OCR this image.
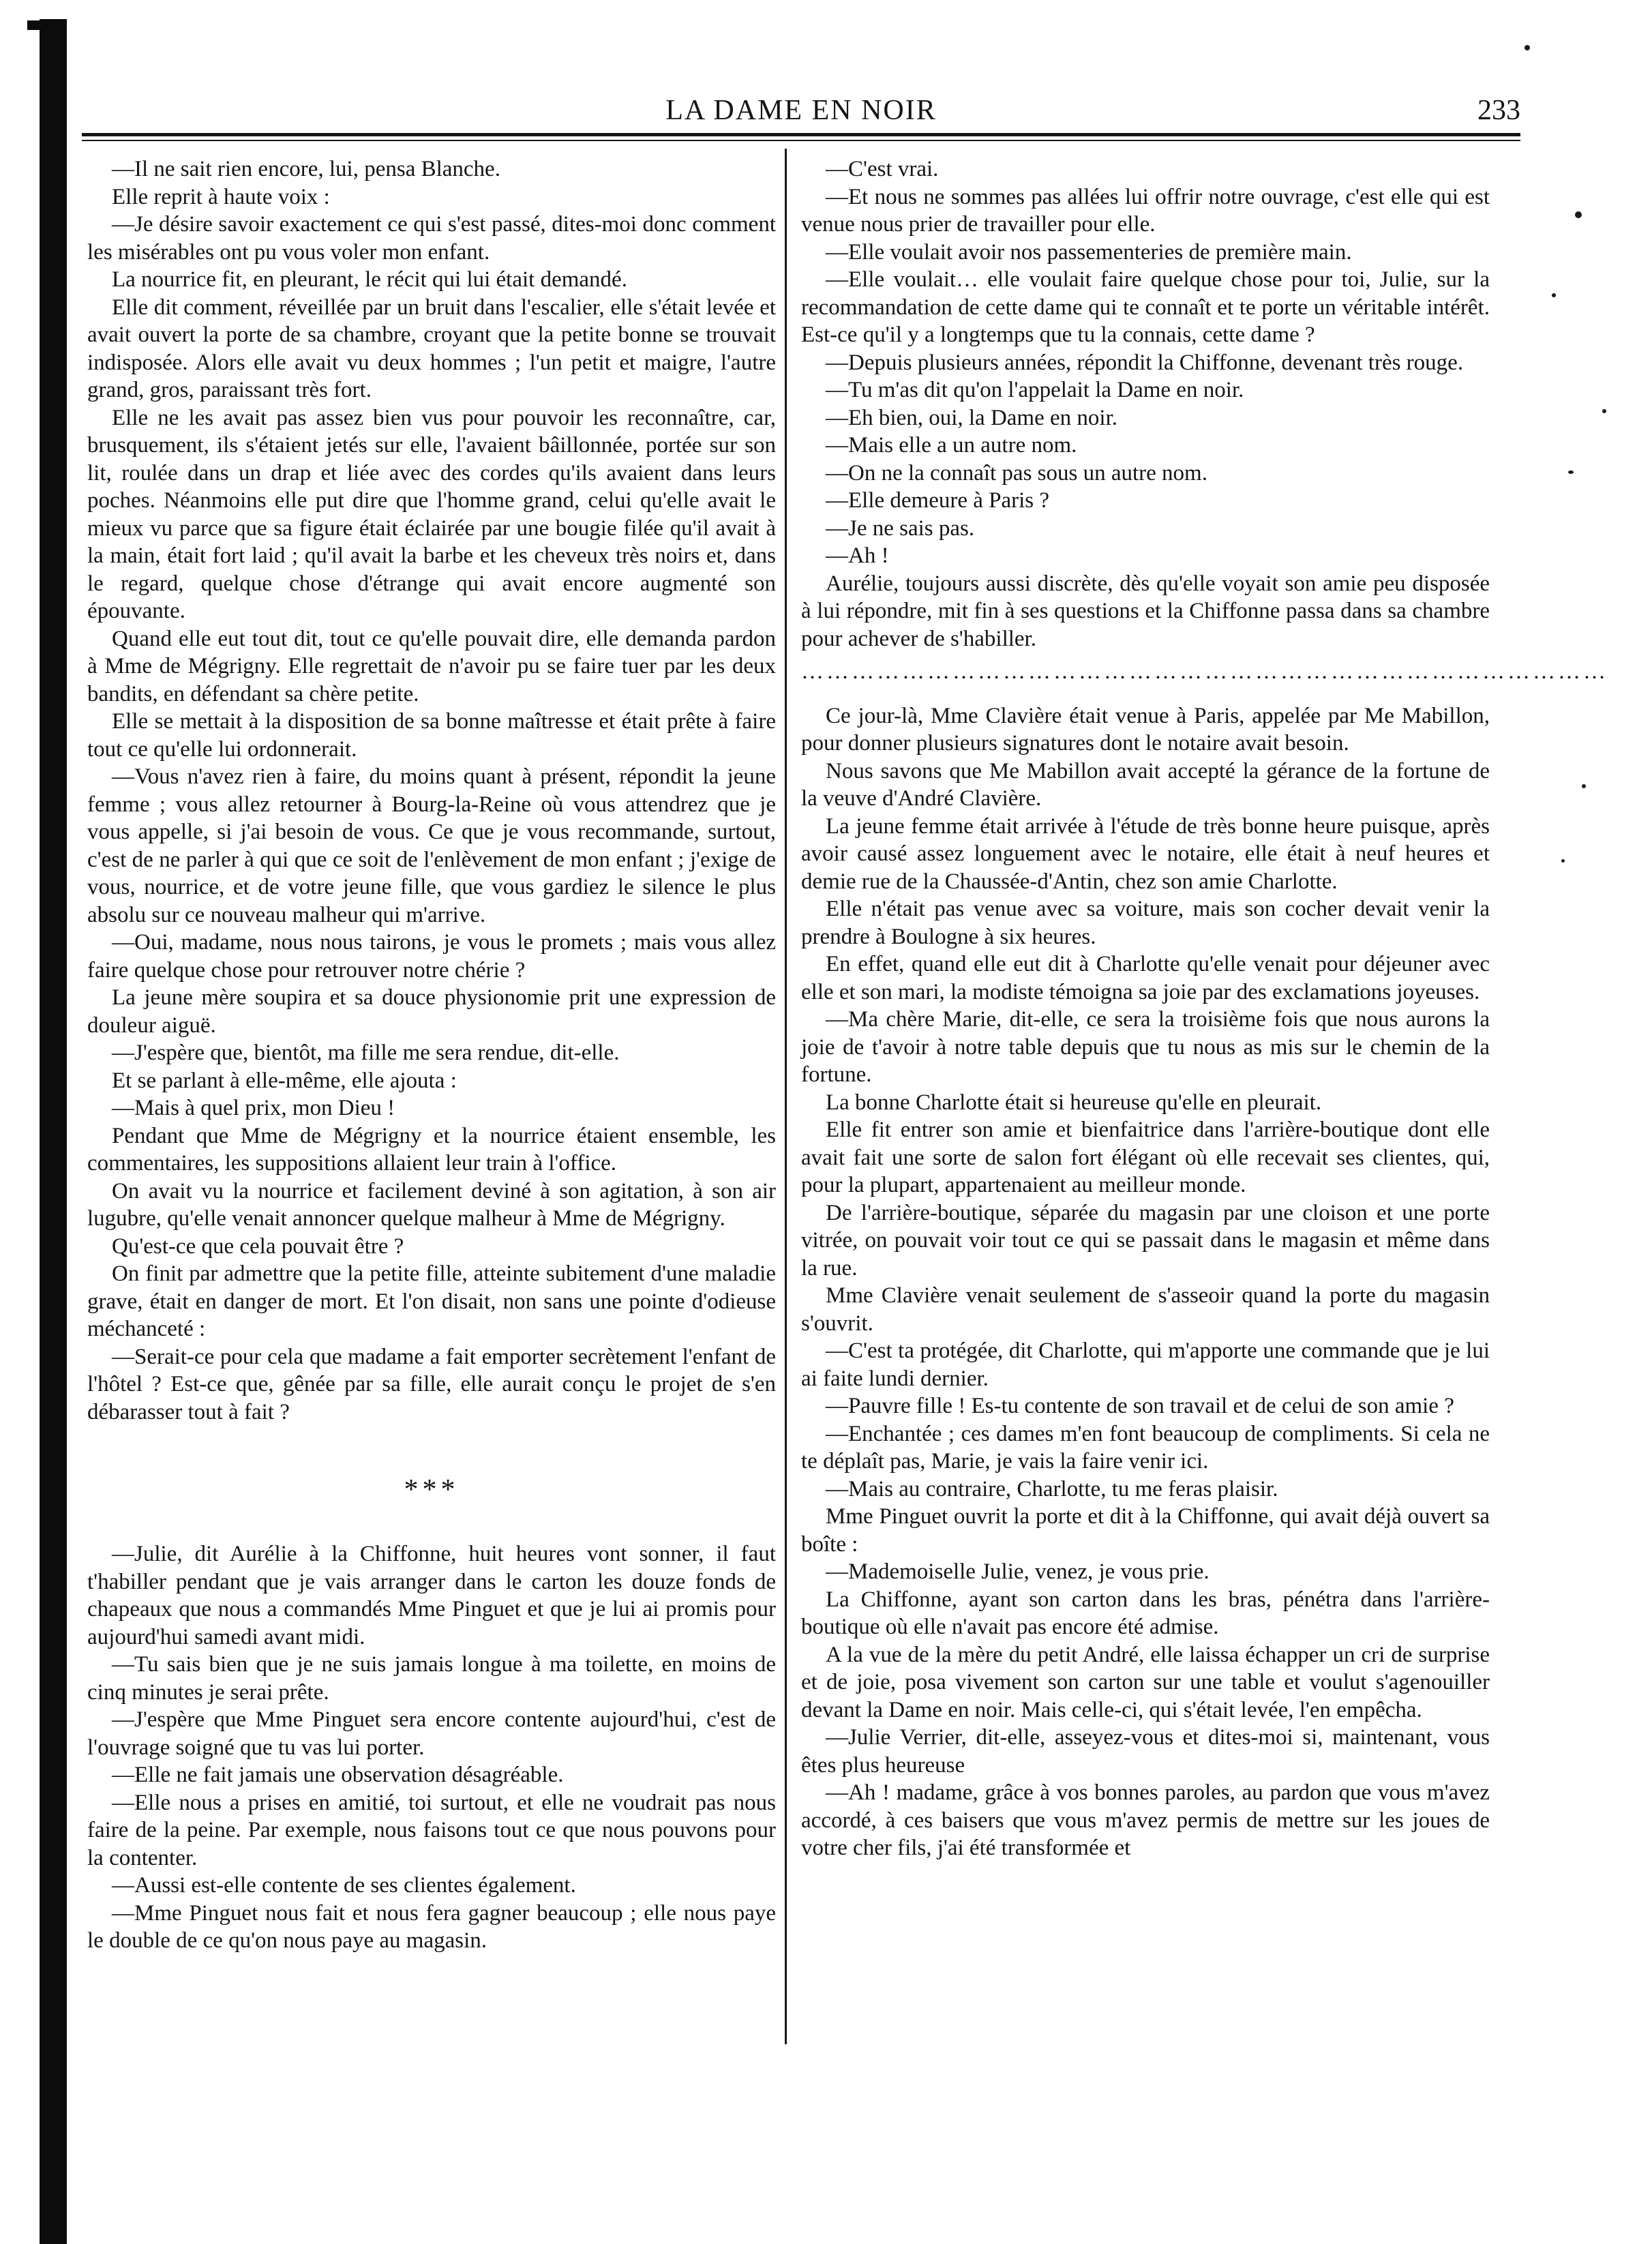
LA DAME EN NOIR	233

—Il ne sait rien encore, lui, pensa Blanche.

Elle reprit à haute voix :

—Je désire savoir exactement ce qui s'est passé, dites-moi donc comment les misérables ont pu vous voler mon enfant.

La nourrice fit, en pleurant, le récit qui lui était demandé.

Elle dit comment, réveillée par un bruit dans l'escalier, elle s'était levée et avait ouvert la porte de sa chambre, croyant que la petite bonne se trouvait indisposée. Alors elle avait vu deux hommes ; l'un petit et maigre, l'autre grand, gros, paraissant très fort.

Elle ne les avait pas assez bien vus pour pouvoir les reconnaître, car, brusquement, ils s'étaient jetés sur elle, l'avaient bâillonnée, portée sur son lit, roulée dans un drap et liée avec des cordes qu'ils avaient dans leurs poches. Néanmoins elle put dire que l'homme grand, celui qu'elle avait le mieux vu parce que sa figure était éclairée par une bougie filée qu'il avait à la main, était fort laid ; qu'il avait la barbe et les cheveux très noirs et, dans le regard, quelque chose d'étrange qui avait encore augmenté son épouvante.

Quand elle eut tout dit, tout ce qu'elle pouvait dire, elle demanda pardon à Mme de Mégrigny. Elle regrettait de n'avoir pu se faire tuer par les deux bandits, en défendant sa chère petite.

Elle se mettait à la disposition de sa bonne maîtresse et était prête à faire tout ce qu'elle lui ordonnerait.

—Vous n'avez rien à faire, du moins quant à présent, répondit la jeune femme ; vous allez retourner à Bourg-la-Reine où vous attendrez que je vous appelle, si j'ai besoin de vous. Ce que je vous recommande, surtout, c'est de ne parler à qui que ce soit de l'enlèvement de mon enfant ; j'exige de vous, nourrice, et de votre jeune fille, que vous gardiez le silence le plus absolu sur ce nouveau malheur qui m'arrive.

—Oui, madame, nous nous tairons, je vous le promets ; mais vous allez faire quelque chose pour retrouver notre chérie ?

La jeune mère soupira et sa douce physionomie prit une expression de douleur aiguë.

—J'espère que, bientôt, ma fille me sera rendue, dit-elle.

Et se parlant à elle-même, elle ajouta :

—Mais à quel prix, mon Dieu !

Pendant que Mme de Mégrigny et la nourrice étaient ensemble, les commentaires, les suppositions allaient leur train à l'office.

On avait vu la nourrice et facilement deviné à son agitation, à son air lugubre, qu'elle venait annoncer quelque malheur à Mme de Mégrigny.

Qu'est-ce que cela pouvait être ?

On finit par admettre que la petite fille, atteinte subitement d'une maladie grave, était en danger de mort. Et l'on disait, non sans une pointe d'odieuse méchanceté :

—Serait-ce pour cela que madame a fait emporter secrètement l'enfant de l'hôtel ? Est-ce que, gênée par sa fille, elle aurait conçu le projet de s'en débarasser tout à fait ?

***

—Julie, dit Aurélie à la Chiffonne, huit heures vont sonner, il faut t'habiller pendant que je vais arranger dans le carton les douze fonds de chapeaux que nous a commandés Mme Pinguet et que je lui ai promis pour aujourd'hui samedi avant midi.

—Tu sais bien que je ne suis jamais longue à ma toilette, en moins de cinq minutes je serai prête.

—J'espère que Mme Pinguet sera encore contente aujourd'hui, c'est de l'ouvrage soigné que tu vas lui porter.

—Elle ne fait jamais une observation désagréable.

—Elle nous a prises en amitié, toi surtout, et elle ne voudrait pas nous faire de la peine. Par exemple, nous faisons tout ce que nous pouvons pour la contenter.

—Aussi est-elle contente de ses clientes également.

—Mme Pinguet nous fait et nous fera gagner beaucoup ; elle nous paye le double de ce qu'on nous paye au magasin.

—C'est vrai.

—Et nous ne sommes pas allées lui offrir notre ouvrage, c'est elle qui est venue nous prier de travailler pour elle.

—Elle voulait avoir nos passementeries de première main.

—Elle voulait… elle voulait faire quelque chose pour toi, Julie, sur la recommandation de cette dame qui te connaît et te porte un véritable intérêt. Est-ce qu'il y a longtemps que tu la connais, cette dame ?

—Depuis plusieurs années, répondit la Chiffonne, devenant très rouge.

—Tu m'as dit qu'on l'appelait la Dame en noir.

—Eh bien, oui, la Dame en noir.

—Mais elle a un autre nom.

—On ne la connaît pas sous un autre nom.

—Elle demeure à Paris ?

—Je ne sais pas.

—Ah !

Aurélie, toujours aussi discrète, dès qu'elle voyait son amie peu disposée à lui répondre, mit fin à ses questions et la Chiffonne passa dans sa chambre pour achever de s'habiller.

……………………………………………………………………………………

Ce jour-là, Mme Clavière était venue à Paris, appelée par Me Mabillon, pour donner plusieurs signatures dont le notaire avait besoin.

Nous savons que Me Mabillon avait accepté la gérance de la fortune de la veuve d'André Clavière.

La jeune femme était arrivée à l'étude de très bonne heure puisque, après avoir causé assez longuement avec le notaire, elle était à neuf heures et demie rue de la Chaussée-d'Antin, chez son amie Charlotte.

Elle n'était pas venue avec sa voiture, mais son cocher devait venir la prendre à Boulogne à six heures.

En effet, quand elle eut dit à Charlotte qu'elle venait pour déjeuner avec elle et son mari, la modiste témoigna sa joie par des exclamations joyeuses.

—Ma chère Marie, dit-elle, ce sera la troisième fois que nous aurons la joie de t'avoir à notre table depuis que tu nous as mis sur le chemin de la fortune.

La bonne Charlotte était si heureuse qu'elle en pleurait.

Elle fit entrer son amie et bienfaitrice dans l'arrière-boutique dont elle avait fait une sorte de salon fort élégant où elle recevait ses clientes, qui, pour la plupart, appartenaient au meilleur monde.

De l'arrière-boutique, séparée du magasin par une cloison et une porte vitrée, on pouvait voir tout ce qui se passait dans le magasin et même dans la rue.

Mme Clavière venait seulement de s'asseoir quand la porte du magasin s'ouvrit.

—C'est ta protégée, dit Charlotte, qui m'apporte une commande que je lui ai faite lundi dernier.

—Pauvre fille ! Es-tu contente de son travail et de celui de son amie ?

—Enchantée ; ces dames m'en font beaucoup de compliments. Si cela ne te déplaît pas, Marie, je vais la faire venir ici.

—Mais au contraire, Charlotte, tu me feras plaisir.

Mme Pinguet ouvrit la porte et dit à la Chiffonne, qui avait déjà ouvert sa boîte :

—Mademoiselle Julie, venez, je vous prie.

La Chiffonne, ayant son carton dans les bras, pénétra dans l'arrière-boutique où elle n'avait pas encore été admise.

A la vue de la mère du petit André, elle laissa échapper un cri de surprise et de joie, posa vivement son carton sur une table et voulut s'agenouiller devant la Dame en noir. Mais celle-ci, qui s'était levée, l'en empêcha.

—Julie Verrier, dit-elle, asseyez-vous et dites-moi si, maintenant, vous êtes plus heureuse

—Ah ! madame, grâce à vos bonnes paroles, au pardon que vous m'avez accordé, à ces baisers que vous m'avez permis de mettre sur les joues de votre cher fils, j'ai été transformée et
